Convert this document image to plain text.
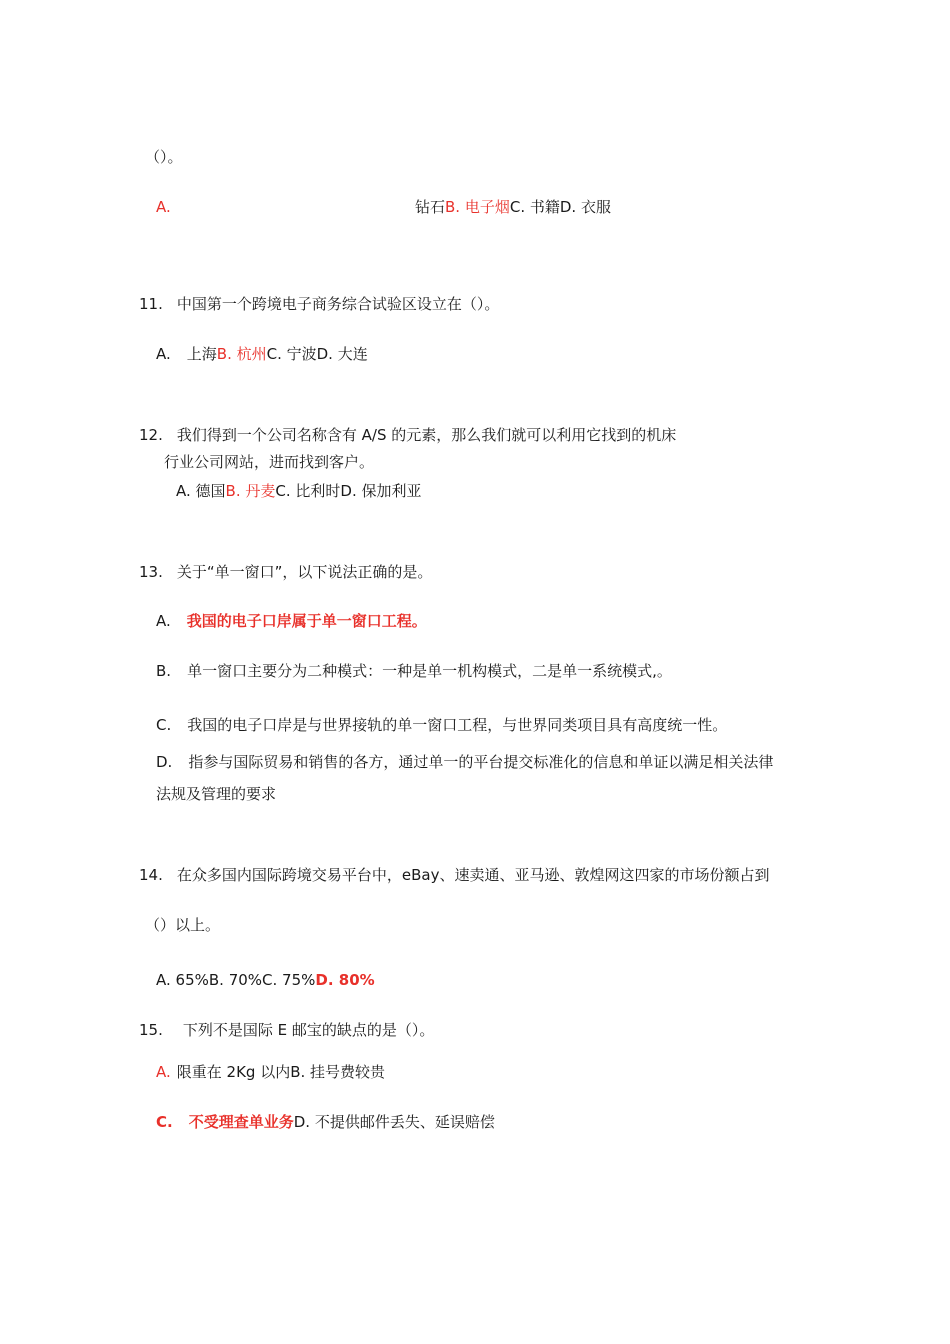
（）。
A.	钻石B. 电子烟C. 书籍D. 衣服
11. 中国第一个跨境电子商务综合试验区设立在（）。
A. 上海B. 杭州C. 宁波D. 大连
12. 我们得到一个公司名称含有 A/S 的元素，那么我们就可以利用它找到的机床
行业公司网站，进而找到客户。
A. 德国B. 丹麦C. 比利时D. 保加利亚
13. 关于“单一窗口”，以下说法正确的是。
A. 我国的电子口岸属于单一窗口工程。
B. 单一窗口主要分为二种模式：一种是单一机构模式，二是单一系统模式,。
C. 我国的电子口岸是与世界接轨的单一窗口工程，与世界同类项目具有高度统一性。
D. 指参与国际贸易和销售的各方，通过单一的平台提交标准化的信息和单证以满足相关法律
法规及管理的要求
14. 在众多国内国际跨境交易平台中，eBay、速卖通、亚马逊、敦煌网这四家的市场份额占到
（）以上。
A. 65%B. 70%C. 75%D. 80%
15. 下列不是国际 E 邮宝的缺点的是（）。
A. 限重在 2Kg 以内B. 挂号费较贵
C. 不受理查单业务D. 不提供邮件丢失、延误赔偿
